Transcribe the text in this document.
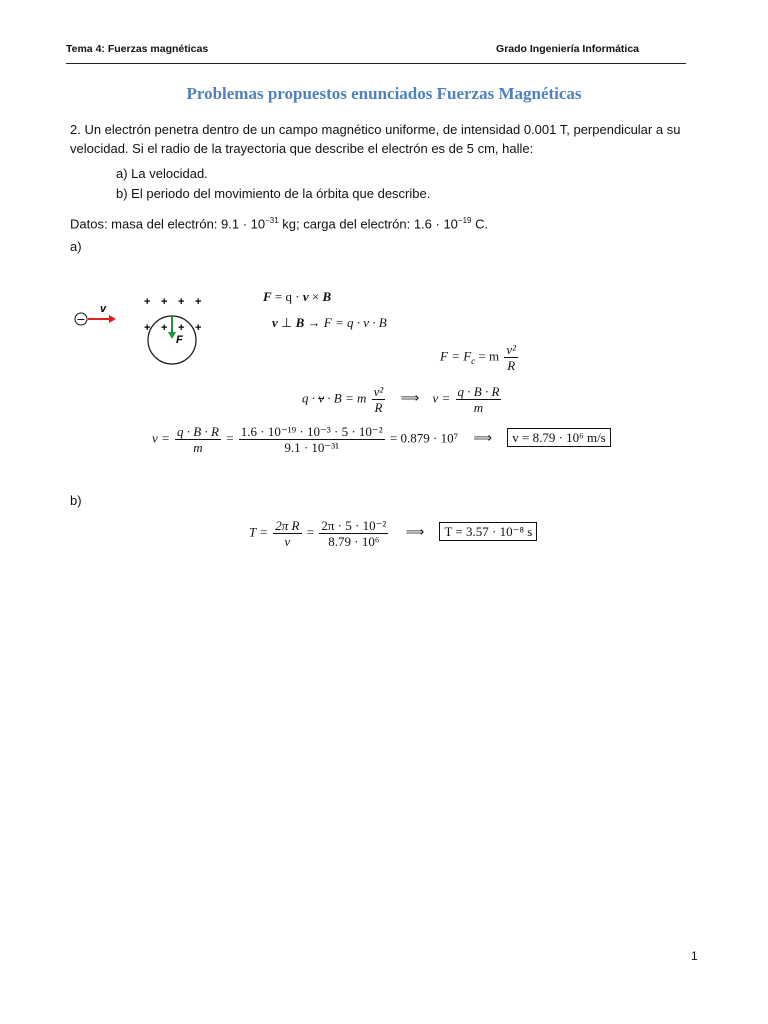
Tema 4: Fuerzas magnéticas	Grado Ingeniería Informática
Problemas propuestos enunciados Fuerzas Magnéticas
2. Un electrón penetra dentro de un campo magnético uniforme, de intensidad 0.001 T, perpendicular a su
velocidad. Si el radio de la trayectoria que describe el electrón es de 5 cm, halle:
a) La velocidad.
b) El periodo del movimiento de la órbita que describe.
Datos: masa del electrón: $9.1 \cdot 10^{-31}$ kg; carga del electrón: $1.6 \cdot 10^{-19}$ C.
a)
−
v
+ + + +
+ + + +
F
F = q · v × B
v ⊥ B → F = q · v · B
$F = F_c = m \frac{\text{v²}}{R}$
q · v · B = m $\frac{\text{v²}}{R}$ ⟹ $v = \frac{q \cdot B \cdot R}{m}$
$v = \frac{q \cdot B \cdot R}{m} = \frac{\text{1.6 · 10⁻¹⁹ · 10⁻³ · 5 · 10⁻²}}{\text{9.1 · 10⁻³¹}} = 0.879 \cdot 10^7$ ⟹ v = 8.79 · 10⁶ m/s
b)
$T = \frac{\text{2π R}}{v} = \frac{\text{2π · 5 · 10⁻²}}{\text{8.79 · 10⁶}}$ ⟹ T = 3.57 · 10⁻⁸ s
1
